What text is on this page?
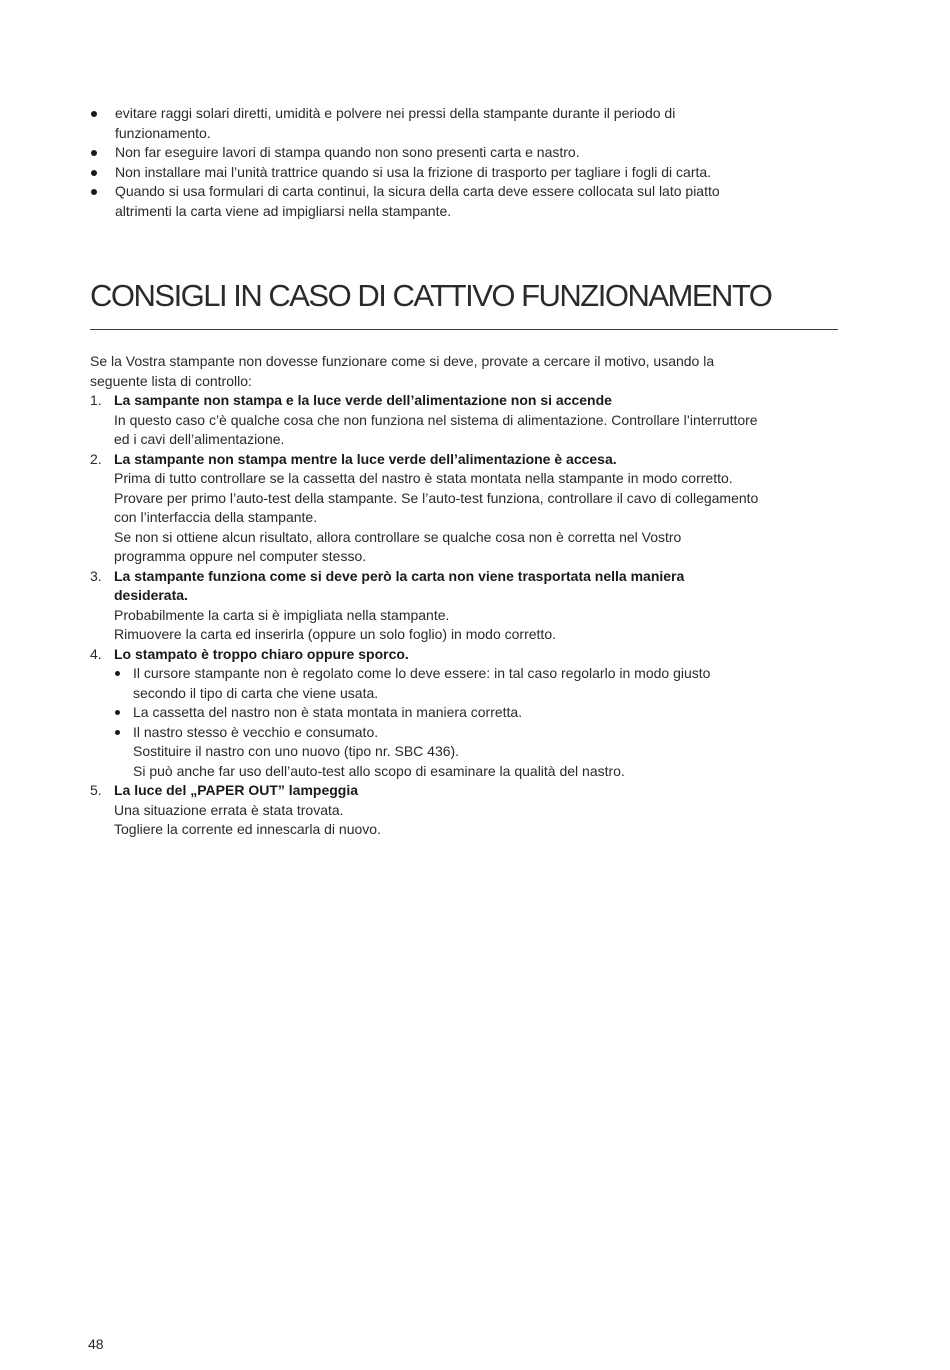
evitare raggi solari diretti, umidità e polvere nei pressi della stampante durante il periodo di
funzionamento.
Non far eseguire lavori di stampa quando non sono presenti carta e nastro.
Non installare mai l’unità trattrice quando si usa la frizione di trasporto per tagliare i fogli di carta.
Quando si usa formulari di carta continui, la sicura della carta deve essere collocata sul lato piatto
altrimenti la carta viene ad impigliarsi nella stampante.
CONSIGLI IN CASO DI CATTIVO FUNZIONAMENTO

Se la Vostra stampante non dovesse funzionare come si deve, provate a cercare il motivo, usando la
seguente lista di controllo:

1. La sampante non stampa e la luce verde dell’alimentazione non si accende
In questo caso c’è qualche cosa che non funziona nel sistema di alimentazione. Controllare l’interruttore
ed i cavi dell’alimentazione.
2. La stampante non stampa mentre la luce verde dell’alimentazione è accesa.
Prima di tutto controllare se la cassetta del nastro è stata montata nella stampante in modo corretto.
Provare per primo l’auto-test della stampante. Se l’auto-test funziona, controllare il cavo di collegamento
con l’interfaccia della stampante.
Se non si ottiene alcun risultato, allora controllare se qualche cosa non è corretta nel Vostro
programma oppure nel computer stesso.
3. La stampante funziona come si deve però la carta non viene trasportata nella maniera
desiderata.
Probabilmente la carta si è impigliata nella stampante.
Rimuovere la carta ed inserirla (oppure un solo foglio) in modo corretto.
4. Lo stampato è troppo chiaro oppure sporco.
Il cursore stampante non è regolato come lo deve essere: in tal caso regolarlo in modo giusto
secondo il tipo di carta che viene usata.
La cassetta del nastro non è stata montata in maniera corretta.
Il nastro stesso è vecchio e consumato.
Sostituire il nastro con uno nuovo (tipo nr. SBC 436).
Si può anche far uso dell’auto-test allo scopo di esaminare la qualità del nastro.
5. La luce del „PAPER OUT” lampeggia
Una situazione errata è stata trovata.
Togliere la corrente ed innescarla di nuovo.
48
